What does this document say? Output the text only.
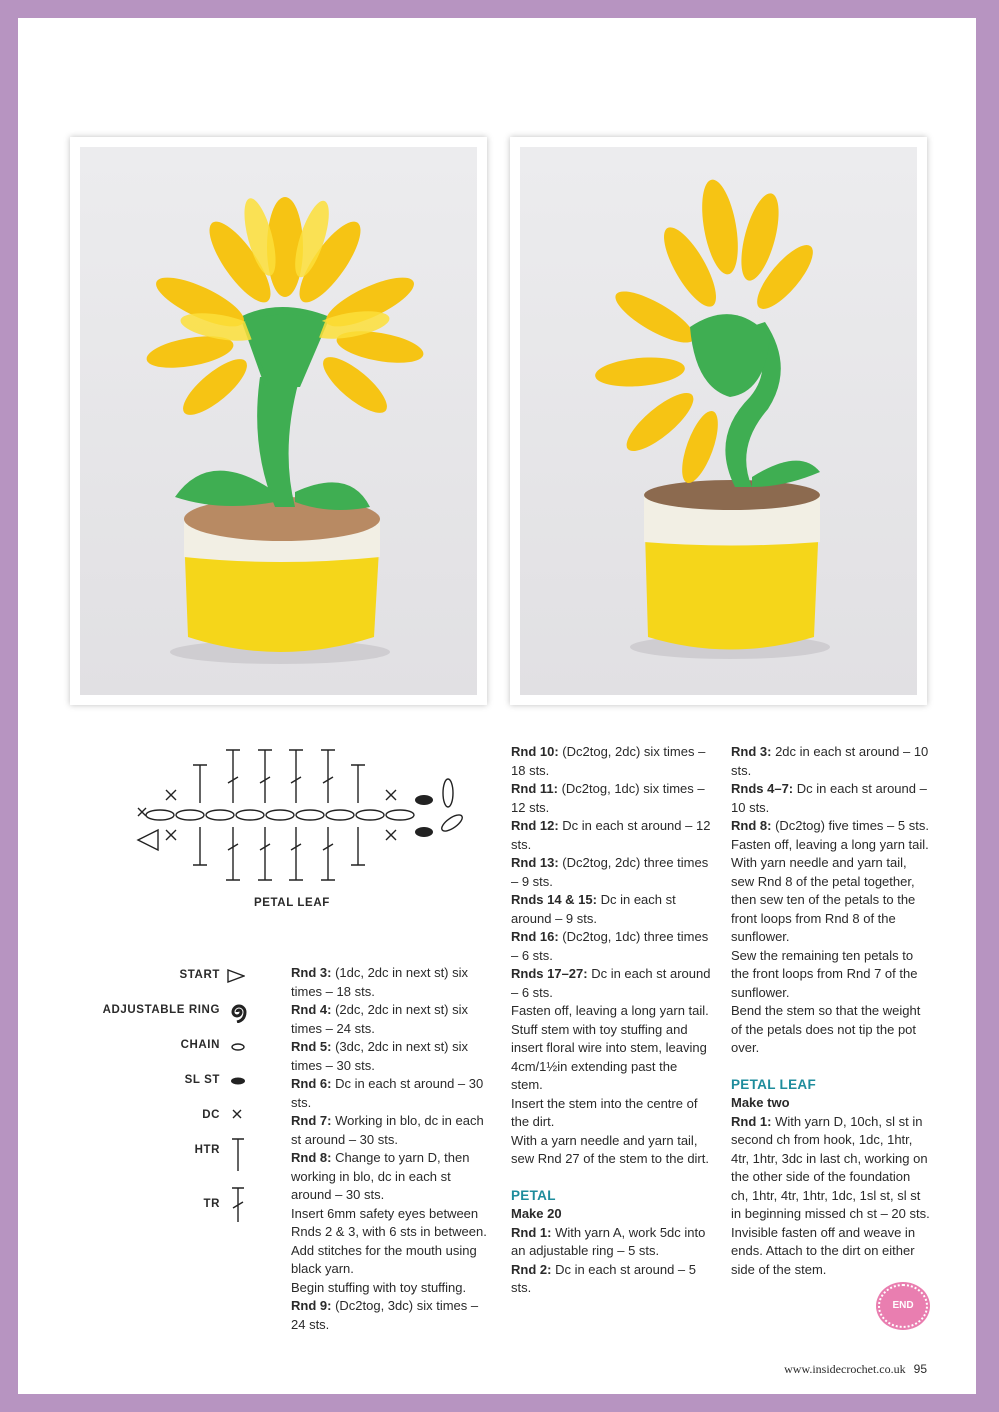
PETAL LEAF
START
ADJUSTABLE RING
CHAIN
SL ST
DC
HTR
TR

Rnd 3: (1dc, 2dc in next st) six times – 18 sts.

Rnd 4: (2dc, 2dc in next st) six times – 24 sts.

Rnd 5: (3dc, 2dc in next st) six times – 30 sts.

Rnd 6: Dc in each st around – 30 sts.

Rnd 7: Working in blo, dc in each st around – 30 sts.

Rnd 8: Change to yarn D, then working in blo, dc in each st around – 30 sts.

Insert 6mm safety eyes between Rnds 2 & 3, with 6 sts in between.

Add stitches for the mouth using black yarn.

Begin stuffing with toy stuffing.

Rnd 9: (Dc2tog, 3dc) six times – 24 sts.

Rnd 10: (Dc2tog, 2dc) six times – 18 sts.

Rnd 11: (Dc2tog, 1dc) six times – 12 sts.

Rnd 12: Dc in each st around – 12 sts.

Rnd 13: (Dc2tog, 2dc) three times – 9 sts.

Rnds 14 & 15: Dc in each st around – 9 sts.

Rnd 16: (Dc2tog, 1dc) three times – 6 sts.

Rnds 17–27: Dc in each st around – 6 sts.

Fasten off, leaving a long yarn tail.

Stuff stem with toy stuffing and insert floral wire into stem, leaving 4cm/1½in extending past the stem.

Insert the stem into the centre of the dirt.

With a yarn needle and yarn tail, sew Rnd 27 of the stem to the dirt.

PETAL

Make 20

Rnd 1: With yarn A, work 5dc into an adjustable ring – 5 sts.

Rnd 2: Dc in each st around – 5 sts.

Rnd 3: 2dc in each st around – 10 sts.

Rnds 4–7: Dc in each st around – 10 sts.

Rnd 8: (Dc2tog) five times – 5 sts.

Fasten off, leaving a long yarn tail.

With yarn needle and yarn tail, sew Rnd 8 of the petal together, then sew ten of the petals to the front loops from Rnd 8 of the sunflower.

Sew the remaining ten petals to the front loops from Rnd 7 of the sunflower.

Bend the stem so that the weight of the petals does not tip the pot over.

PETAL LEAF

Make two

Rnd 1: With yarn D, 10ch, sl st in second ch from hook, 1dc, 1htr, 4tr, 1htr, 3dc in last ch, working on the other side of the foundation ch, 1htr, 4tr, 1htr, 1dc, 1sl st, sl st in beginning missed ch st – 20 sts.

Invisible fasten off and weave in ends. Attach to the dirt on either side of the stem.

END
www.insidecrochet.co.uk 95
